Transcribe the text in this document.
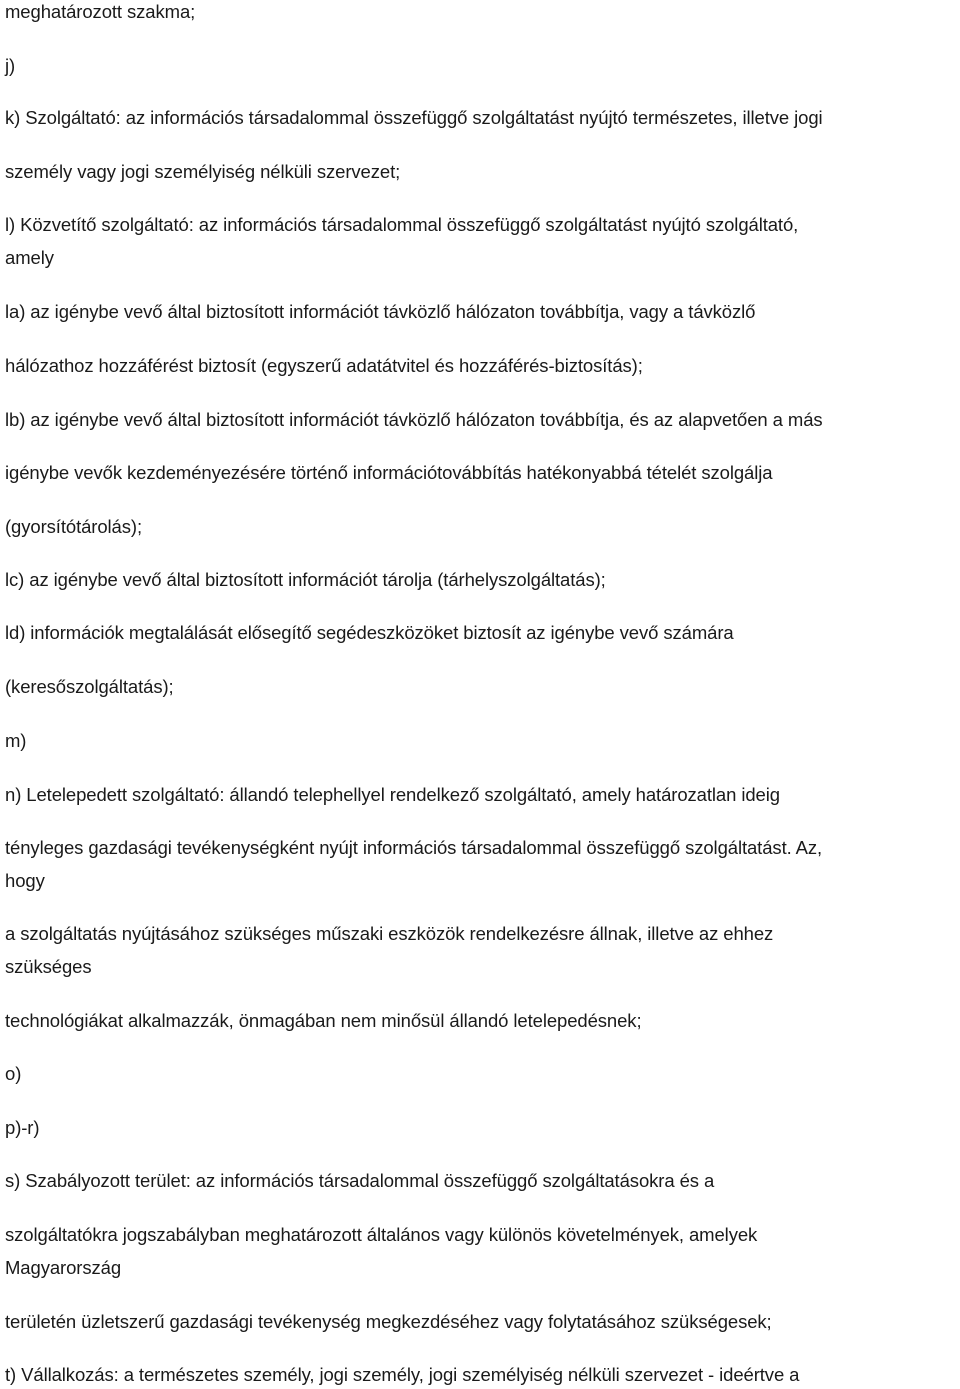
meghatározott szakma;
j)
k) Szolgáltató: az információs társadalommal összefüggő szolgáltatást nyújtó természetes, illetve jogi
személy vagy jogi személyiség nélküli szervezet;
l) Közvetítő szolgáltató: az információs társadalommal összefüggő szolgáltatást nyújtó szolgáltató,
amely
la) az igénybe vevő által biztosított információt távközlő hálózaton továbbítja, vagy a távközlő
hálózathoz hozzáférést biztosít (egyszerű adatátvitel és hozzáférés-biztosítás);
lb) az igénybe vevő által biztosított információt távközlő hálózaton továbbítja, és az alapvetően a más
igénybe vevők kezdeményezésére történő információtovábbítás hatékonyabbá tételét szolgálja
(gyorsítótárolás);
lc) az igénybe vevő által biztosított információt tárolja (tárhelyszolgáltatás);
ld) információk megtalálását elősegítő segédeszközöket biztosít az igénybe vevő számára
(keresőszolgáltatás);
m)
n) Letelepedett szolgáltató: állandó telephellyel rendelkező szolgáltató, amely határozatlan ideig
tényleges gazdasági tevékenységként nyújt információs társadalommal összefüggő szolgáltatást. Az,
hogy
a szolgáltatás nyújtásához szükséges műszaki eszközök rendelkezésre állnak, illetve az ehhez
szükséges
technológiákat alkalmazzák, önmagában nem minősül állandó letelepedésnek;
o)
p)-r)
s) Szabályozott terület: az információs társadalommal összefüggő szolgáltatásokra és a
szolgáltatókra jogszabályban meghatározott általános vagy különös követelmények, amelyek
Magyarország
területén üzletszerű gazdasági tevékenység megkezdéséhez vagy folytatásához szükségesek;
t) Vállalkozás: a természetes személy, jogi személy, jogi személyiség nélküli szervezet - ideértve a
